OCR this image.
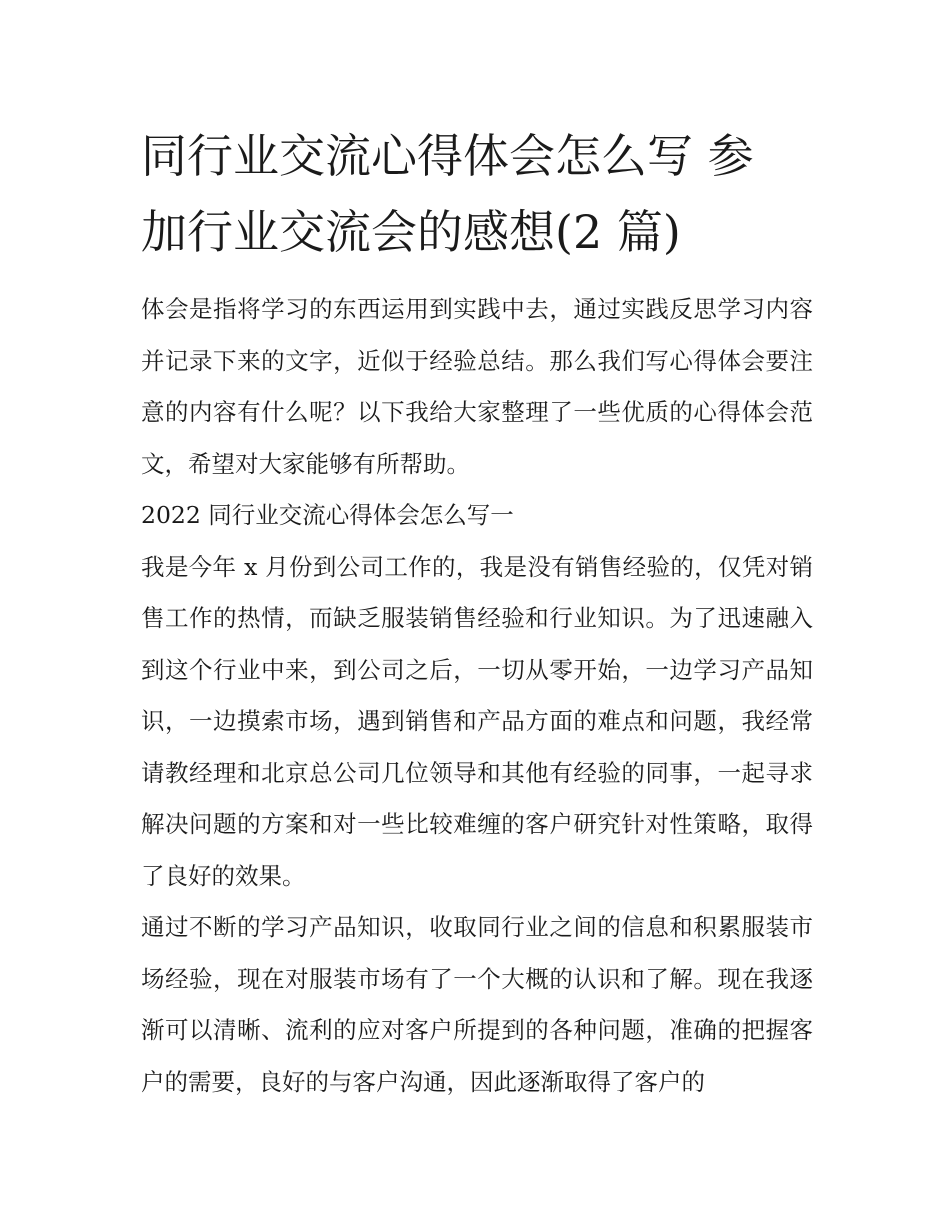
同行业交流心得体会怎么写 参
加行业交流会的感想(2 篇)

体会是指将学习的东西运用到实践中去，通过实践反思学习内容并记录下来的文字，近似于经验总结。那么我们写心得体会要注意的内容有什么呢？以下我给大家整理了一些优质的心得体会范文，希望对大家能够有所帮助。

2022 同行业交流心得体会怎么写一

我是今年 x 月份到公司工作的，我是没有销售经验的，仅凭对销售工作的热情，而缺乏服装销售经验和行业知识。为了迅速融入到这个行业中来，到公司之后，一切从零开始，一边学习产品知识，一边摸索市场，遇到销售和产品方面的难点和问题，我经常请教经理和北京总公司几位领导和其他有经验的同事，一起寻求解决问题的方案和对一些比较难缠的客户研究针对性策略，取得了良好的效果。

通过不断的学习产品知识，收取同行业之间的信息和积累服装市场经验，现在对服装市场有了一个大概的认识和了解。现在我逐渐可以清晰、流利的应对客户所提到的各种问题，准确的把握客户的需要，良好的与客户沟通，因此逐渐取得了客户的
